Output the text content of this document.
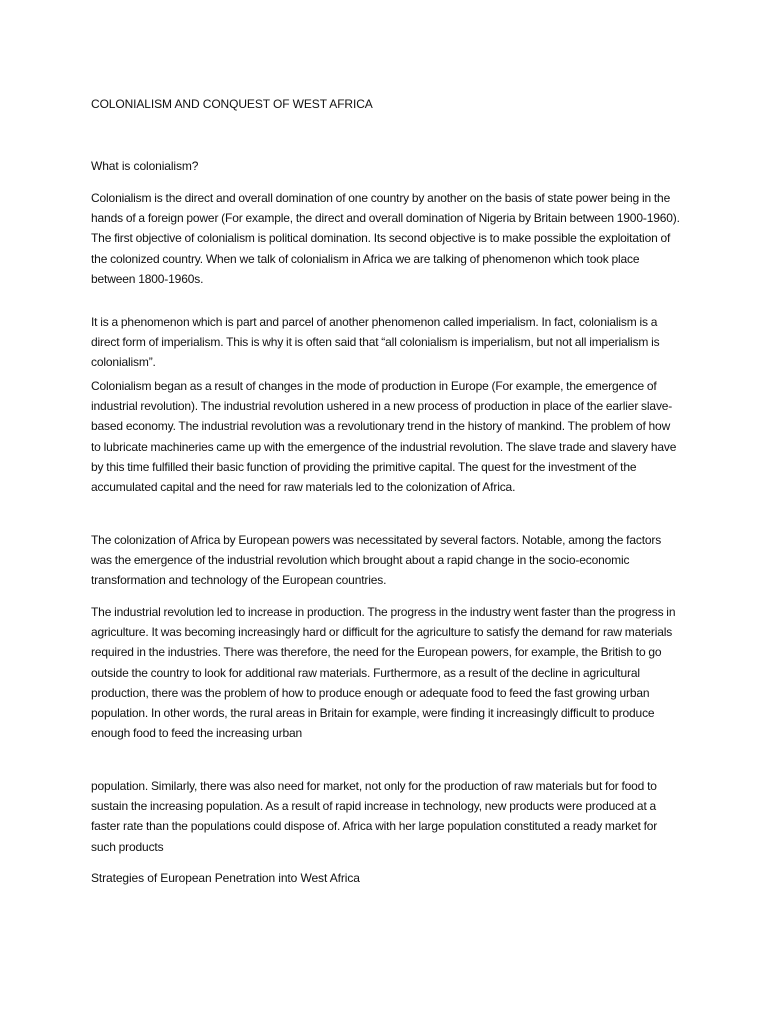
COLONIALISM AND CONQUEST OF WEST AFRICA
What is colonialism?

Colonialism is the direct and overall domination of one country by another on the basis of state power being in the hands of a foreign power (For example, the direct and overall domination of Nigeria by Britain between 1900-1960). The first objective of colonialism is political domination. Its second objective is to make possible the exploitation of the colonized country. When we talk of colonialism in Africa we are talking of phenomenon which took place between 1800-1960s.

It is a phenomenon which is part and parcel of another phenomenon called imperialism. In fact, colonialism is a direct form of imperialism. This is why it is often said that “all colonialism is imperialism, but not all imperialism is colonialism”.

Colonialism began as a result of changes in the mode of production in Europe (For example, the emergence of industrial revolution). The industrial revolution ushered in a new process of production in place of the earlier slave-based economy. The industrial revolution was a revolutionary trend in the history of mankind. The problem of how to lubricate machineries came up with the emergence of the industrial revolution. The slave trade and slavery have by this time fulfilled their basic function of providing the primitive capital. The quest for the investment of the accumulated capital and the need for raw materials led to the colonization of Africa.

The colonization of Africa by European powers was necessitated by several factors. Notable, among the factors was the emergence of the industrial revolution which brought about a rapid change in the socio-economic transformation and technology of the European countries.

The industrial revolution led to increase in production. The progress in the industry went faster than the progress in agriculture. It was becoming increasingly hard or difficult for the agriculture to satisfy the demand for raw materials required in the industries. There was therefore, the need for the European powers, for example, the British to go outside the country to look for additional raw materials. Furthermore, as a result of the decline in agricultural production, there was the problem of how to produce enough or adequate food to feed the fast growing urban population. In other words, the rural areas in Britain for example, were finding it increasingly difficult to produce enough food to feed the increasing urban

population. Similarly, there was also need for market, not only for the production of raw materials but for food to sustain the increasing population. As a result of rapid increase in technology, new products were produced at a faster rate than the populations could dispose of. Africa with her large population constituted a ready market for such products

Strategies of European Penetration into West Africa
